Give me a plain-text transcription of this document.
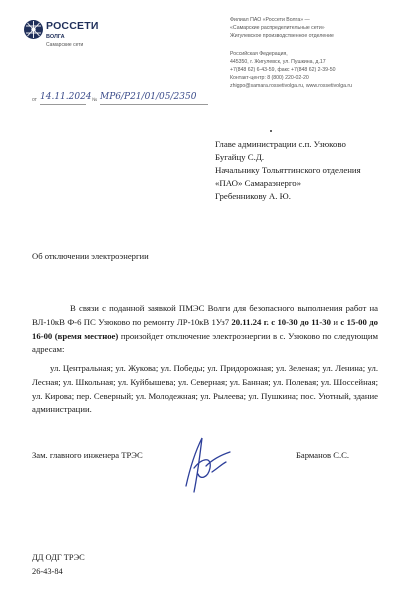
РОССЕТИ
ВОЛГА
Самарские сети
Филиал ПАО «Россети Волга» —
«Самарские распределительные сети»
Жигулевское производственное отделение
Российская Федерация,
445350, г. Жигулевск, ул. Пушкина, д.17
+7(848 62) 6-43-59, факс +7(848 62) 2-39-50
Контакт-центр: 8 (800) 220-02-20
zhigpo@samara.rossetivolga.ru, www.rossetivolga.ru
от 14.11.2024 № МР6/Р21/01/05/2350
Главе администрации с.п. Узюково
Бугайцу С.Д.
Начальнику Тольяттинского отделения
«ПАО» Самараэнерго»
Гребенникову А. Ю.
Об отключении электроэнергии
В связи с поданной заявкой ПМЭС Волги для безопасного выполнения работ на ВЛ-10кВ Ф-6 ПС Узюково по ремонту ЛР-10кВ 1Уз7 20.11.24 г. с 10-30 до 11-30 и с 15-00 до 16-00 (время местное) произойдет отключение электроэнергии в с. Узюково по следующим адресам:
ул. Центральная; ул. Жукова; ул. Победы; ул. Придорожная; ул. Зеленая; ул. Ленина; ул. Лесная; ул. Школьная; ул. Куйбышева; ул. Северная; ул. Банная; ул. Полевая; ул. Шоссейная; ул. Кирова; пер. Северный; ул. Молодежная; ул. Рылеева; ул. Пушкина; пос. Уютный, здание администрации.
Зам. главного инженера ТРЭС	Барманов С.С.
ДД ОДГ ТРЭС
26-43-84
